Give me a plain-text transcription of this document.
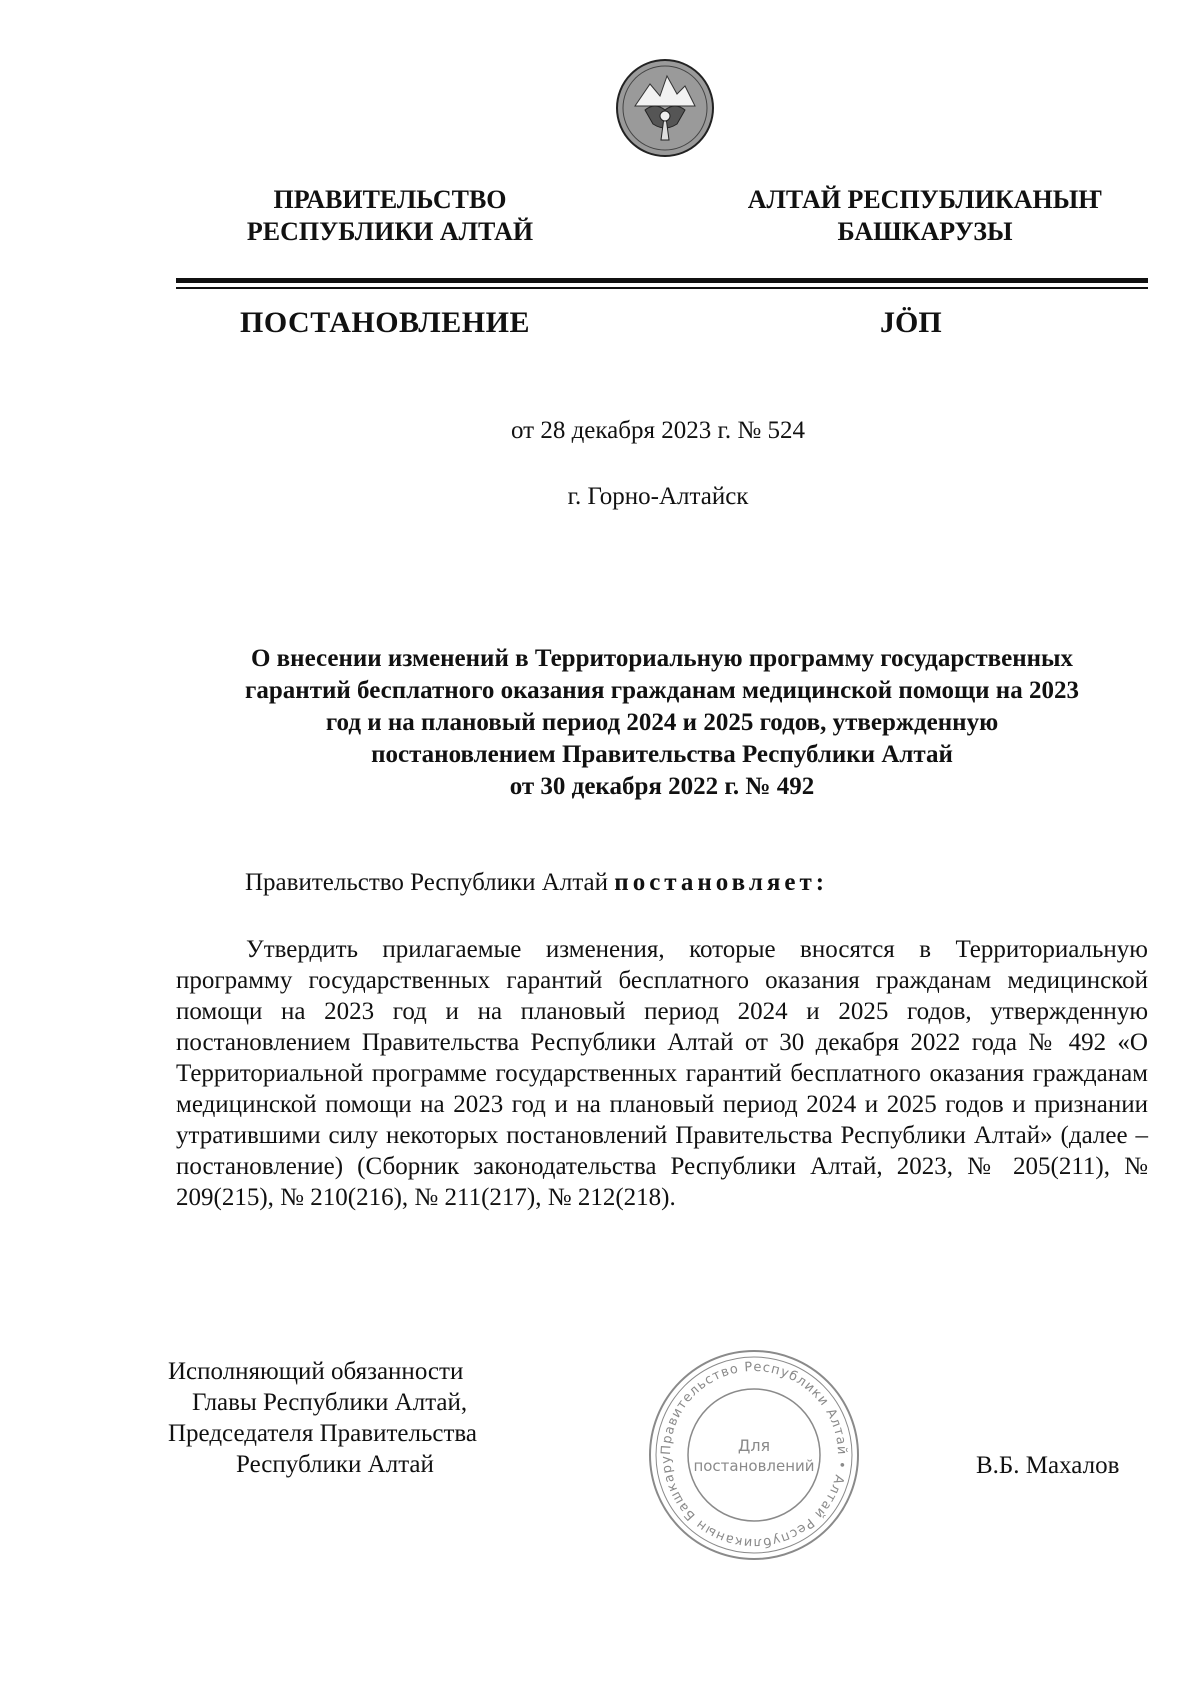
ПРАВИТЕЛЬСТВО
РЕСПУБЛИКИ АЛТАЙ
АЛТАЙ РЕСПУБЛИКАНЫҤ
БАШКАРУЗЫ
ПОСТАНОВЛЕНИЕ	JÖП
от 28 декабря 2023 г. № 524
г. Горно-Алтайск
О внесении изменений в Территориальную программу государственных
гарантий бесплатного оказания гражданам медицинской помощи на 2023
год и на плановый период 2024 и 2025 годов, утвержденную
постановлением Правительства Республики Алтай
от 30 декабря 2022 г. № 492
Правительство Республики Алтай постановляет:

Утвердить прилагаемые изменения, которые вносятся в Территориальную программу государственных гарантий бесплатного оказания гражданам медицинской помощи на 2023 год и на плановый период 2024 и 2025 годов, утвержденную постановлением Правительства Республики Алтай от 30 декабря 2022 года № 492 «О Территориальной программе государственных гарантий бесплатного оказания гражданам медицинской помощи на 2023 год и на плановый период 2024 и 2025 годов и признании утратившими силу некоторых постановлений Правительства Республики Алтай» (далее – постановление) (Сборник законодательства Республики Алтай, 2023, № 205(211), № 209(215), № 210(216), № 211(217), № 212(218).

Исполняющий обязанности
Главы Республики Алтай,
Председателя Правительства
Республики Алтай
Правительство Республики Алтай • Алтай Республиканын Башкару
Для
постановлений	В.Б. Махалов
